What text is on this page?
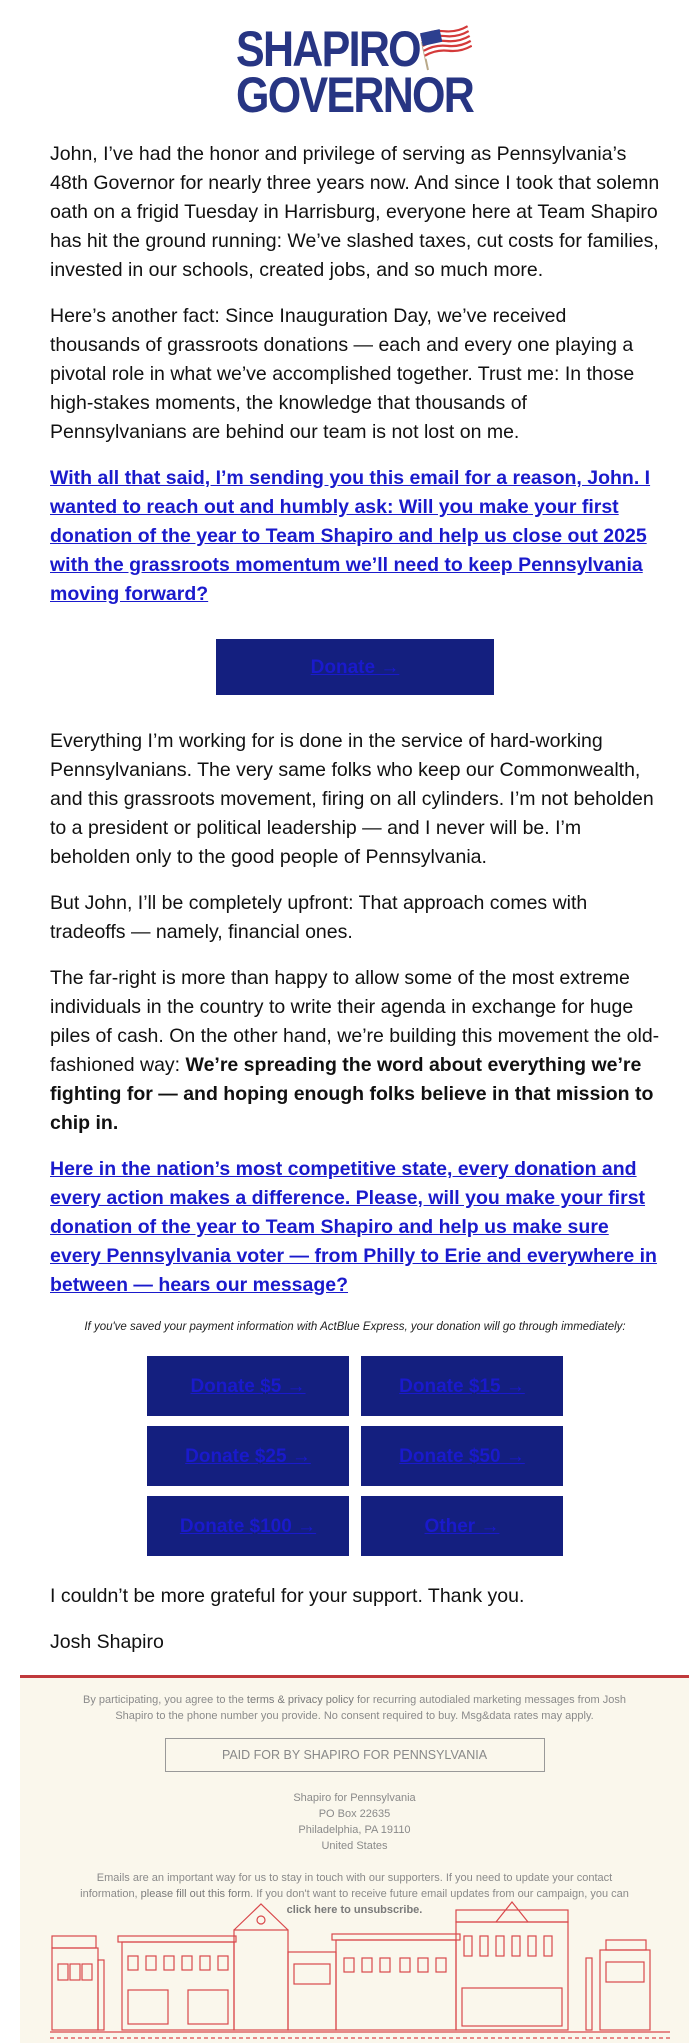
SHAPIRO
GOVERNOR

John, I’ve had the honor and privilege of serving as Pennsylvania’s 48th Governor for nearly three years now. And since I took that solemn oath on a frigid Tuesday in Harrisburg, everyone here at Team Shapiro has hit the ground running: We’ve slashed taxes, cut costs for families, invested in our schools, created jobs, and so much more.

Here’s another fact: Since Inauguration Day, we’ve received thousands of grassroots donations — each and every one playing a pivotal role in what we’ve accomplished together. Trust me: In those high-stakes moments, the knowledge that thousands of Pennsylvanians are behind our team is not lost on me.

With all that said, I’m sending you this email for a reason, John. I wanted to reach out and humbly ask: Will you make your first donation of the year to Team Shapiro and help us close out 2025 with the grassroots momentum we’ll need to keep Pennsylvania moving forward?

Donate →

Everything I’m working for is done in the service of hard-working Pennsylvanians. The very same folks who keep our Commonwealth, and this grassroots movement, firing on all cylinders. I’m not beholden to a president or political leadership — and I never will be. I’m beholden only to the good people of Pennsylvania.

But John, I’ll be completely upfront: That approach comes with tradeoffs — namely, financial ones.

The far-right is more than happy to allow some of the most extreme individuals in the country to write their agenda in exchange for huge piles of cash. On the other hand, we’re building this movement the old-fashioned way: We’re spreading the word about everything we’re fighting for — and hoping enough folks believe in that mission to chip in.

Here in the nation’s most competitive state, every donation and every action makes a difference. Please, will you make your first donation of the year to Team Shapiro and help us make sure every Pennsylvania voter — from Philly to Erie and everywhere in between — hears our message?

If you've saved your payment information with ActBlue Express, your donation will go through immediately:
Donate $5 →	Donate $15 →
Donate $25 →	Donate $50 →
Donate $100 →	Other →

I couldn’t be more grateful for your support. Thank you.

Josh Shapiro

By participating, you agree to the terms & privacy policy for recurring autodialed marketing messages from Josh Shapiro to the phone number you provide. No consent required to buy. Msg&data rates may apply.
PAID FOR BY SHAPIRO FOR PENNSYLVANIA
Shapiro for Pennsylvania
PO Box 22635
Philadelphia, PA 19110
United States
Emails are an important way for us to stay in touch with our supporters. If you need to update your contact information, please fill out this form. If you don't want to receive future email updates from our campaign, you can click here to unsubscribe.
